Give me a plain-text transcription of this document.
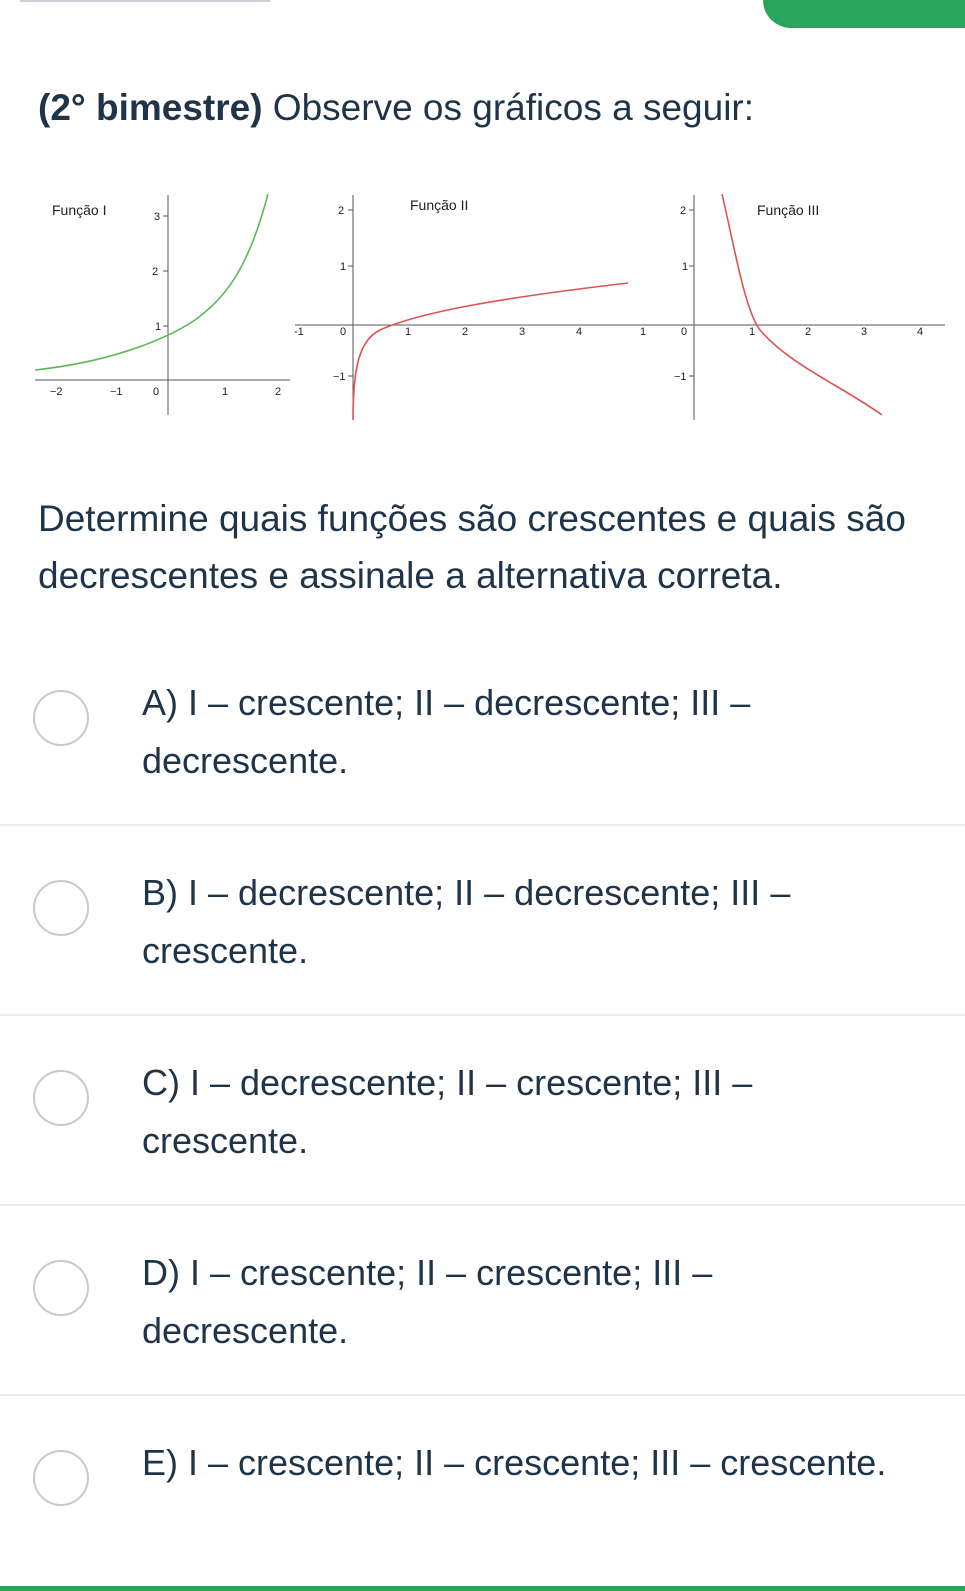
(2° bimestre) Observe os gráficos a seguir:
−2	−1	0	1	2
1
2
3
Função I
-1	0	1	2	3	4
2
1
−1
Função II
1	0	1	2	3	4
2
1
−1
Função III

Determine quais funções são crescentes e quais são decrescentes e assinale a alternativa correta.

A) I – crescente; II – decrescente; III – decrescente.
B) I – decrescente; II – decrescente; III – crescente.
C) I – decrescente; II – crescente; III – crescente.
D) I – crescente; II – crescente; III – decrescente.
E) I – crescente; II – crescente; III – crescente.
